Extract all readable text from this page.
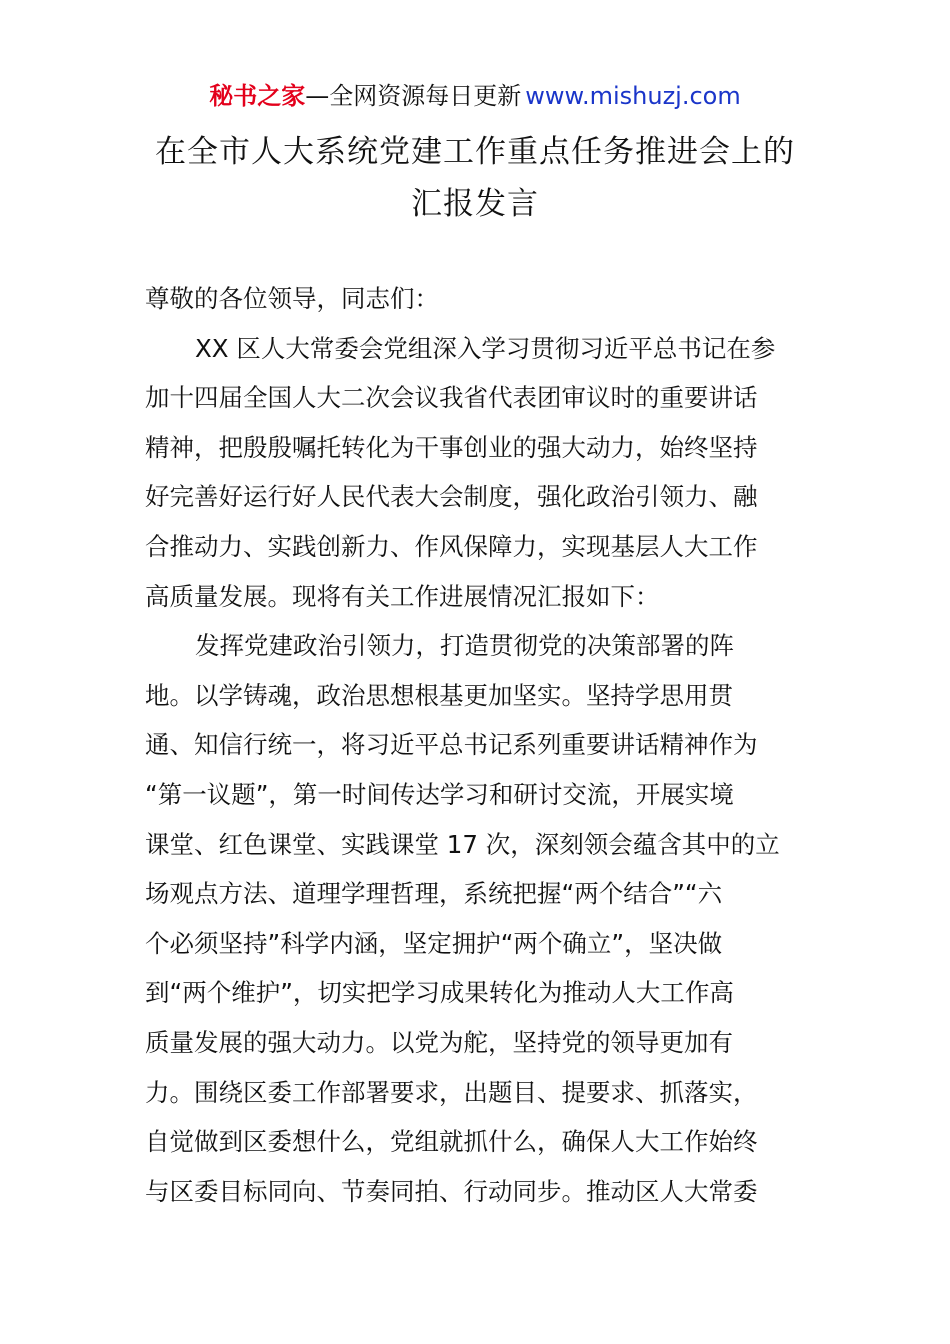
秘书之家—全网资源每日更新 www.mishuzj.com
在全市人大系统党建工作重点任务推进会上的
汇报发言
尊敬的各位领导，同志们：
XX 区人大常委会党组深入学习贯彻习近平总书记在参
加十四届全国人大二次会议我省代表团审议时的重要讲话
精神，把殷殷嘱托转化为干事创业的强大动力，始终坚持
好完善好运行好人民代表大会制度，强化政治引领力、融
合推动力、实践创新力、作风保障力，实现基层人大工作
高质量发展。现将有关工作进展情况汇报如下：
发挥党建政治引领力，打造贯彻党的决策部署的阵
地。以学铸魂，政治思想根基更加坚实。坚持学思用贯
通、知信行统一，将习近平总书记系列重要讲话精神作为
“第一议题”，第一时间传达学习和研讨交流，开展实境
课堂、红色课堂、实践课堂 17 次，深刻领会蕴含其中的立
场观点方法、道理学理哲理，系统把握“两个结合”“六
个必须坚持”科学内涵，坚定拥护“两个确立”，坚决做
到“两个维护”，切实把学习成果转化为推动人大工作高
质量发展的强大动力。以党为舵，坚持党的领导更加有
力。围绕区委工作部署要求，出题目、提要求、抓落实，
自觉做到区委想什么，党组就抓什么，确保人大工作始终
与区委目标同向、节奏同拍、行动同步。推动区人大常委
